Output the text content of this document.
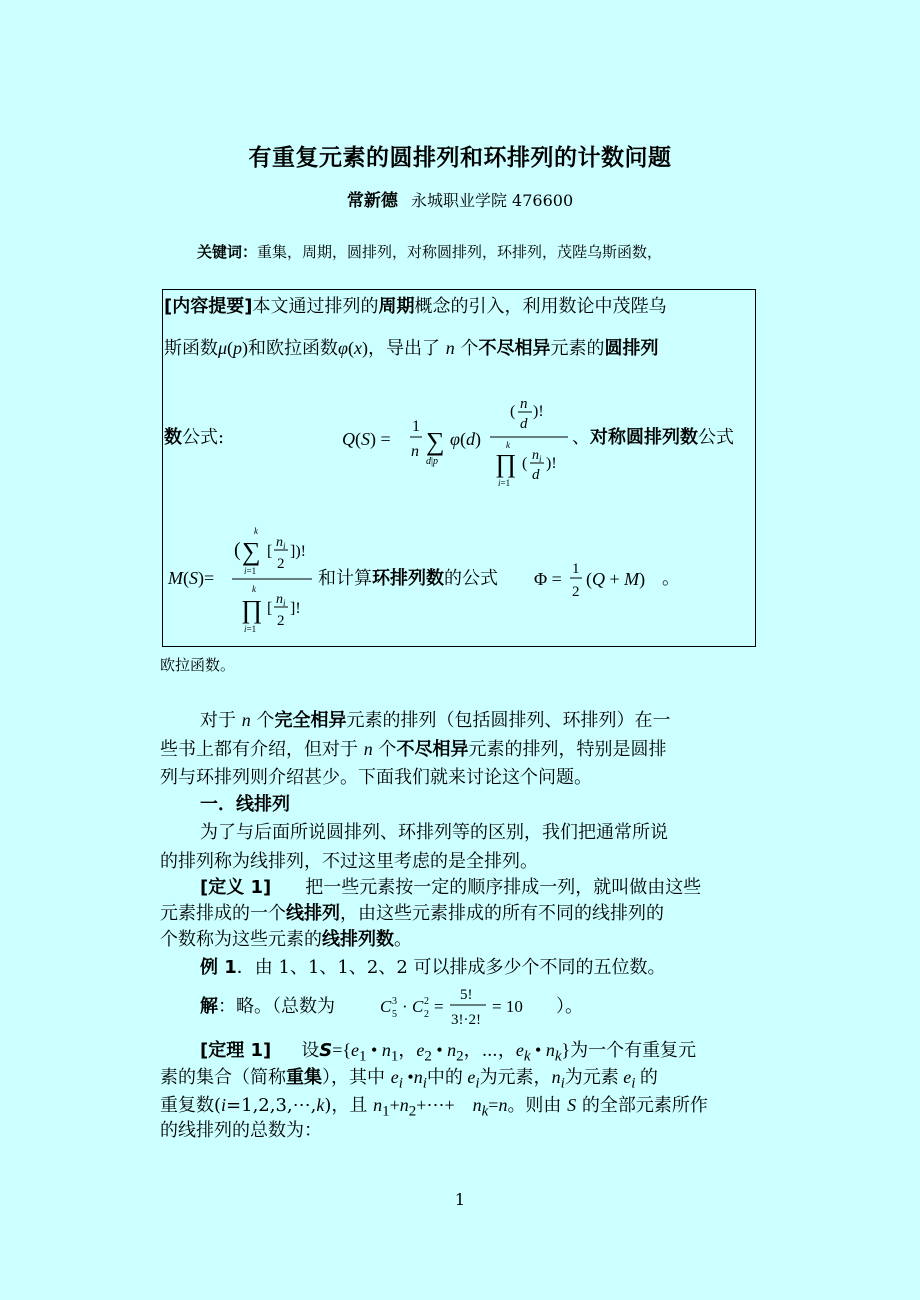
有重复元素的圆排列和环排列的计数问题
常新德 永城职业学院 476600
关键词：重集，周期，圆排列，对称圆排列，环排列，茂陛乌斯函数，
[内容提要]本文通过排列的周期概念的引入，利用数论中茂陛乌
斯函数μ(p)和欧拉函数φ(x)，导出了 n 个不尽相异元素的圆排列
数公式:	Q(S) =
1
n ∑
d|p
φ(d)
( n
d
)!
k
∏
i=1
( $n_i$
d
)!
、对称圆排列数公式
M(S)=
(
k
∑
i=1
[
$n_i$
2
])!
k
∏
i=1
[
$n_i$
2
]!
和计算环排列数的公式 Φ = 1
2
(Q + M) 。
欧拉函数。
对于 n 个完全相异元素的排列（包括圆排列、环排列）在一
些书上都有介绍，但对于 n 个不尽相异元素的排列，特别是圆排
列与环排列则介绍甚少。下面我们就来讨论这个问题。
一．线排列
为了与后面所说圆排列、环排列等的区别，我们把通常所说
的排列称为线排列，不过这里考虑的是全排列。
[定义 1] 把一些元素按一定的顺序排成一列，就叫做由这些
元素排成的一个线排列，由这些元素排成的所有不同的线排列的
个数称为这些元素的线排列数。
例 1．由 1、1、1、2、2 可以排成多少个不同的五位数。
解：略。（总数为	C 3
5 · C 2
2 =
5!
3!·2!
= 10 ）。
[定理 1] 设$S=\{e_1$ • $n_1$，$e_2$ • $n_2$，⋯，$e_k$ • $n_k$}为一个有重复元
素的集合（简称重集），其中 $e_i$ $•n_i$中的 $e_i$为元素，$n_i$为元素 $e_i$ 的
重复数(i=1,2,3,⋯,k)，且 $n_1+n_2+\cdots+$    $n_k=n$。则由 S 的全部元素所作
的线排列的总数为：
1
